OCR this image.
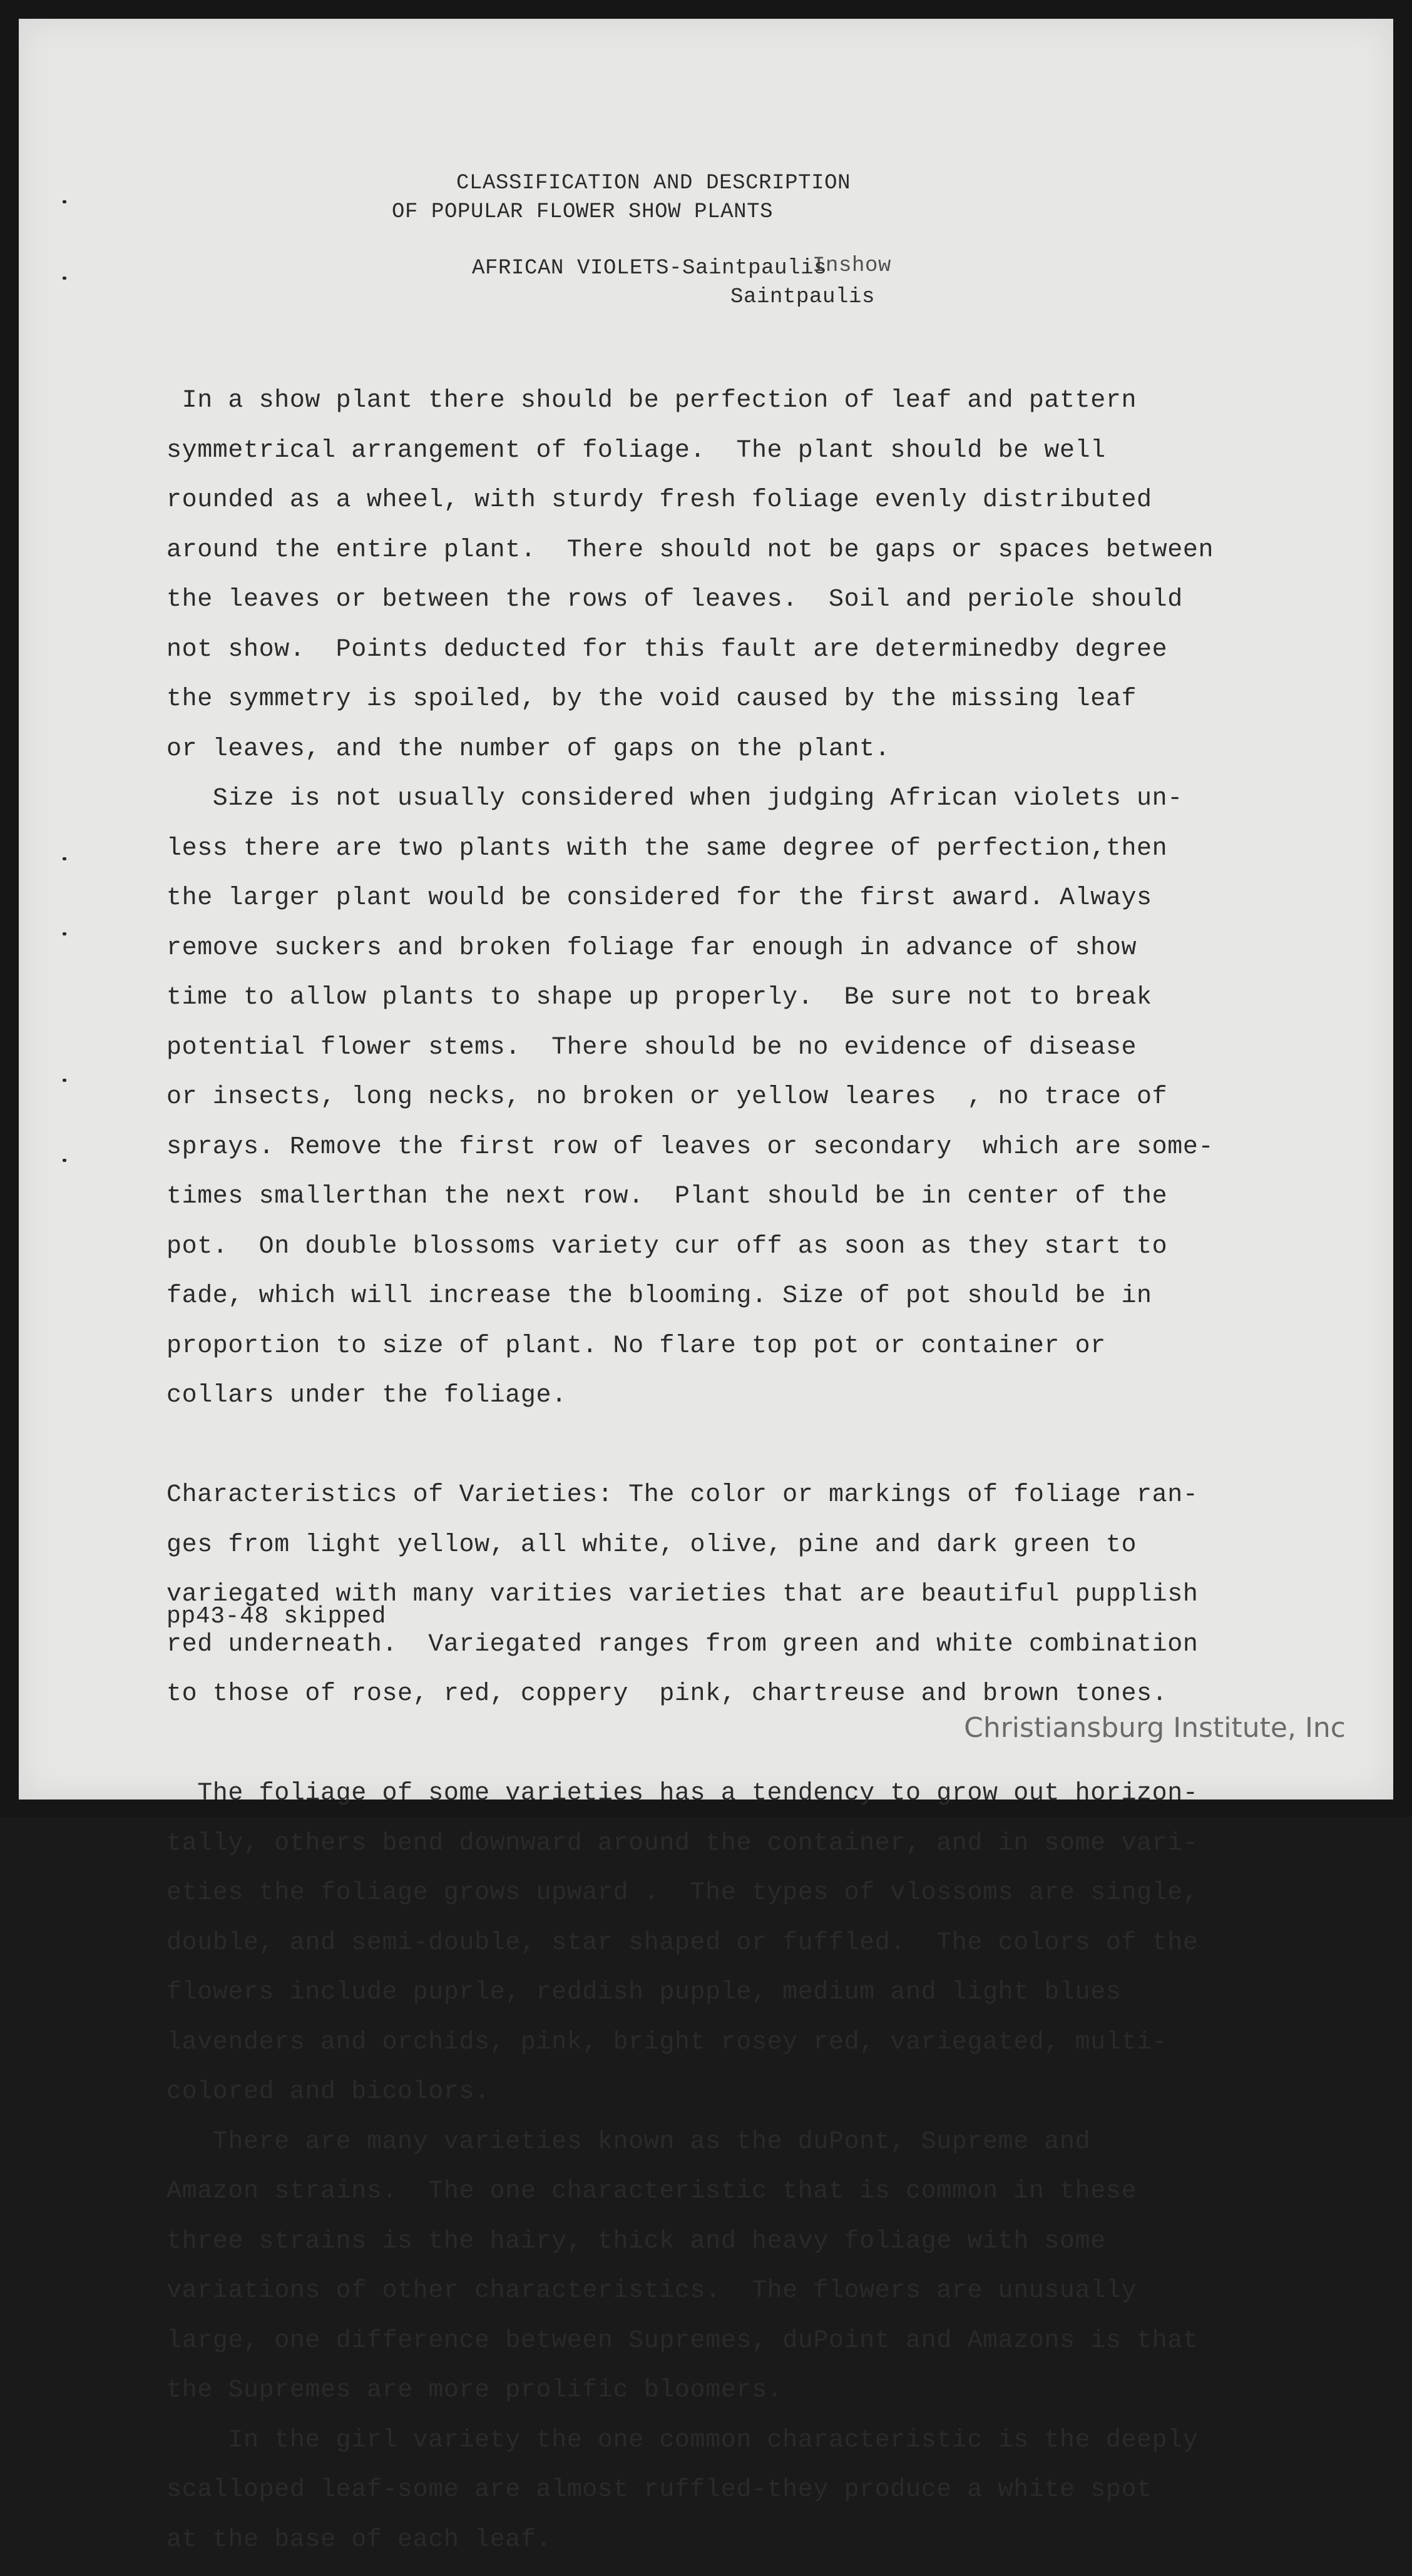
CLASSIFICATION AND DESCRIPTION
OF POPULAR FLOWER SHOW PLANTS
AFRICAN VIOLETS-Saintpaulis
Inshow
Saintpaulis

In a show plant there should be perfection of leaf and pattern

symmetrical arrangement of foliage.  The plant should be well

rounded as a wheel, with sturdy fresh foliage evenly distributed

around the entire plant.  There should not be gaps or spaces between

the leaves or between the rows of leaves.  Soil and periole should

not show.  Points deducted for this fault are determinedby degree

the symmetry is spoiled, by the void caused by the missing leaf

or leaves, and the number of gaps on the plant.

Size is not usually considered when judging African violets un-

less there are two plants with the same degree of perfection,then

the larger plant would be considered for the first award. Always

remove suckers and broken foliage far enough in advance of show

time to allow plants to shape up properly.  Be sure not to break

potential flower stems.  There should be no evidence of disease

or insects, long necks, no broken or yellow leares  , no trace of

sprays. Remove the first row of leaves or secondary  which are some-

times smallerthan the next row.  Plant should be in center of the

pot.  On double blossoms variety cur off as soon as they start to

fade, which will increase the blooming. Size of pot should be in

proportion to size of plant. No flare top pot or container or

collars under the foliage.

Characteristics of Varieties: The color or markings of foliage ran-

ges from light yellow, all white, olive, pine and dark green to

variegated with many varities varieties that are beautiful pupplish

red underneath.  Variegated ranges from green and white combination

to those of rose, red, coppery  pink, chartreuse and brown tones.

The foliage of some varieties has a tendency to grow out horizon-

tally, others bend downward around the container, and in some vari-

eties the foliage grows upward .  The types of vlossoms are single,

double, and semi-double, star shaped or fuffled.  The colors of the

flowers include puprle, reddish pupple, medium and light blues

lavenders and orchids, pink, bright rosey red, variegated, multi-

colored and bicolors.

There are many varieties known as the duPont, Supreme and

Amazon strains.  The one characteristic that is common in these

three strains is the hairy, thick and heavy foliage with some

variations of other characteristics.  The flowers are unusually

large, one difference between Supremes, duPoint and Amazons is that

the Supremes are more prolific bloomers.

In the girl variety the one common characteristic is the deeply

scalloped leaf-some are almost ruffled-they produce a white spot

at the base of each leaf.

pp43-48 skipped
Christiansburg Institute, Inc
